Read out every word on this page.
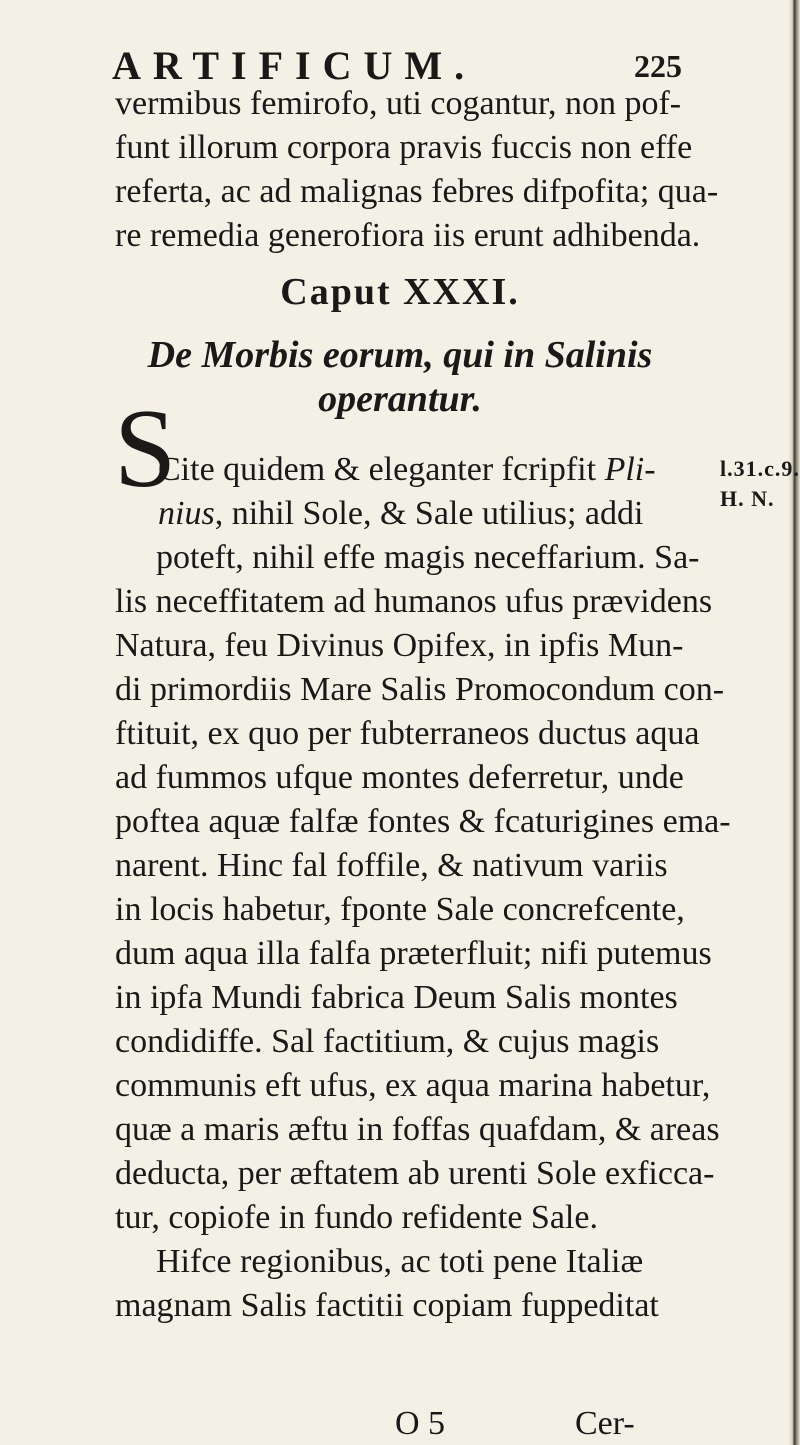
ARTIFICUM.	225
vermibus femirofo, uti cogantur, non pof-
funt illorum corpora pravis fuccis non effe
referta, ac ad malignas febres difpofita; qua-
re remedia generofiora iis erunt adhibenda.
Caput XXXI.
De Morbis eorum, qui in Salinis
operantur.
S
Cite quidem & eleganter fcripfit Pli-
nius, nihil Sole, & Sale utilius; addi
poteft, nihil effe magis neceffarium. Sa-
lis neceffitatem ad humanos ufus prævidens
Natura, feu Divinus Opifex, in ipfis Mun-
di primordiis Mare Salis Promocondum con-
ftituit, ex quo per fubterraneos ductus aqua
ad fummos ufque montes deferretur, unde
poftea aquæ falfæ fontes & fcaturigines ema-
narent. Hinc fal foffile, & nativum variis
in locis habetur, fponte Sale concrefcente,
dum aqua illa falfa præterfluit; nifi putemus
in ipfa Mundi fabrica Deum Salis montes
condidiffe. Sal factitium, & cujus magis
communis eft ufus, ex aqua marina habetur,
quæ a maris æftu in foffas quafdam, & areas
deducta, per æftatem ab urenti Sole exficca-
tur, copiofe in fundo refidente Sale.
Hifce regionibus, ac toti pene Italiæ
magnam Salis factitii copiam fuppeditat
l.31.c.9.
H. N.
O 5	Cer-
